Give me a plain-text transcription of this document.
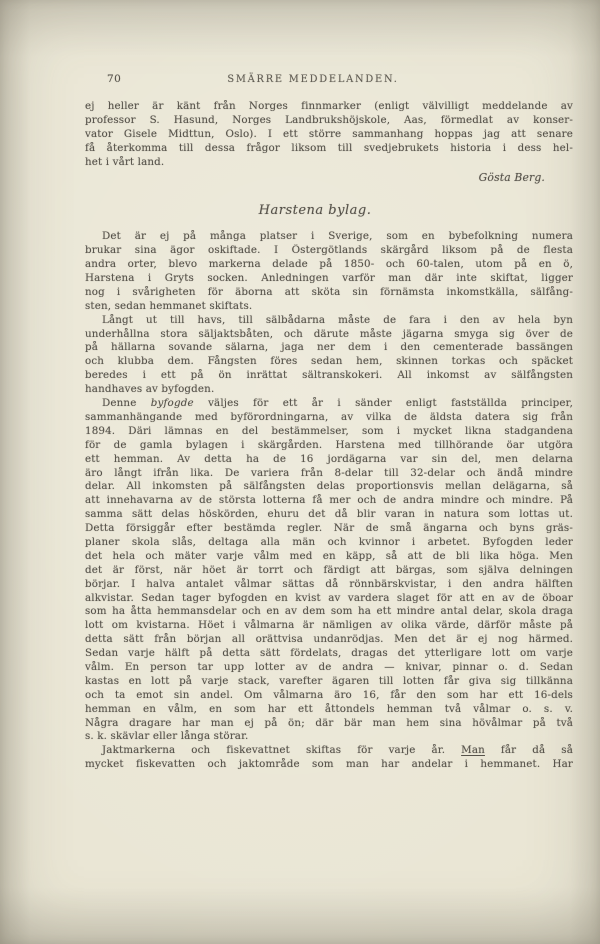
70	SMÄRRE MEDDELANDEN.
ej heller är känt från Norges finnmarker (enligt välvilligt meddelande av
professor S. Hasund, Norges Landbrukshöjskole, Aas, förmedlat av konser-
vator Gisele Midttun, Oslo). I ett större sammanhang hoppas jag att senare
få återkomma till dessa frågor liksom till svedjebrukets historia i dess hel-
het i vårt land.
Gösta Berg.
Harstena bylag.
Det är ej på många platser i Sverige, som en bybefolkning numera
brukar sina ägor oskiftade. I Östergötlands skärgård liksom på de flesta
andra orter, blevo markerna delade på 1850- och 60-talen, utom på en ö,
Harstena i Gryts socken. Anledningen varför man där inte skiftat, ligger
nog i svårigheten för äborna att sköta sin förnämsta inkomstkälla, sälfång-
sten, sedan hemmanet skiftats.
Långt ut till havs, till sälbådarna måste de fara i den av hela byn
underhållna stora säljaktsbåten, och därute måste jägarna smyga sig över de
på hällarna sovande sälarna, jaga ner dem i den cementerade bassängen
och klubba dem. Fångsten föres sedan hem, skinnen torkas och späcket
beredes i ett på ön inrättat sältranskokeri. All inkomst av sälfångsten
handhaves av byfogden.
Denne byfogde väljes för ett år i sänder enligt fastställda principer,
sammanhängande med byförordningarna, av vilka de äldsta datera sig från
1894. Däri lämnas en del bestämmelser, som i mycket likna stadgandena
för de gamla bylagen i skärgården. Harstena med tillhörande öar utgöra
ett hemman. Av detta ha de 16 jordägarna var sin del, men delarna
äro långt ifrån lika. De variera från 8-delar till 32-delar och ändå mindre
delar. All inkomsten på sälfångsten delas proportionsvis mellan delägarna, så
att innehavarna av de största lotterna få mer och de andra mindre och mindre. På
samma sätt delas höskörden, ehuru det då blir varan in natura som lottas ut.
Detta försiggår efter bestämda regler. När de små ängarna och byns gräs-
planer skola slås, deltaga alla män och kvinnor i arbetet. Byfogden leder
det hela och mäter varje vålm med en käpp, så att de bli lika höga. Men
det är först, när höet är torrt och färdigt att bärgas, som själva delningen
börjar. I halva antalet vålmar sättas då rönnbärskvistar, i den andra hälften
alkvistar. Sedan tager byfogden en kvist av vardera slaget för att en av de öboar
som ha åtta hemmansdelar och en av dem som ha ett mindre antal delar, skola draga
lott om kvistarna. Höet i vålmarna är nämligen av olika värde, därför måste på
detta sätt från början all orättvisa undanrödjas. Men det är ej nog härmed.
Sedan varje hälft på detta sätt fördelats, dragas det ytterligare lott om varje
vålm. En person tar upp lotter av de andra — knivar, pinnar o. d. Sedan
kastas en lott på varje stack, varefter ägaren till lotten får giva sig tillkänna
och ta emot sin andel. Om vålmarna äro 16, får den som har ett 16-dels
hemman en vålm, en som har ett åttondels hemman två vålmar o. s. v.
Några dragare har man ej på ön; där bär man hem sina hövålmar på två
s. k. skävlar eller långa störar.
Jaktmarkerna och fiskevattnet skiftas för varje år. Man får då så
mycket fiskevatten och jaktområde som man har andelar i hemmanet. Har
